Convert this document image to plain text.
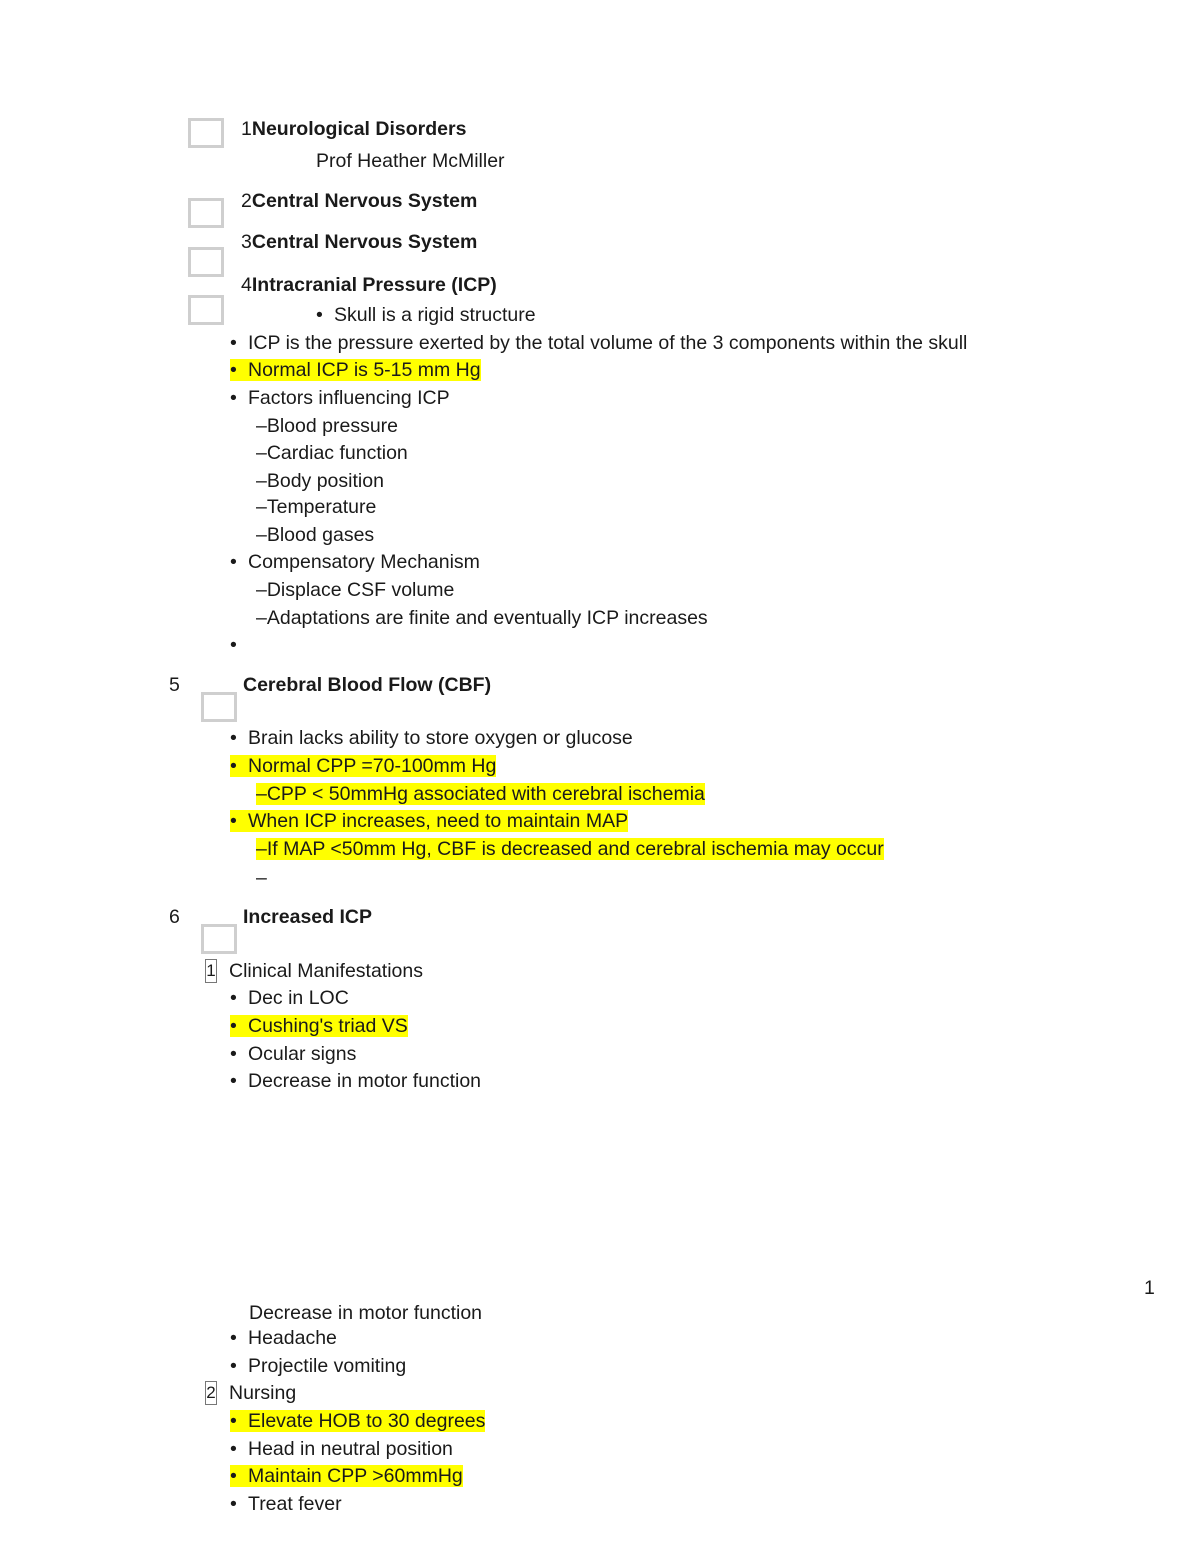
1Neurological Disorders
Prof Heather McMiller
2Central Nervous System
3Central Nervous System
4Intracranial Pressure (ICP)
• Skull is a rigid structure
• ICP is the pressure exerted by the total volume of the 3 components within the skull
• Normal ICP is 5-15 mm Hg
• Factors influencing ICP
–Blood pressure
–Cardiac function
–Body position
–Temperature
–Blood gases
• Compensatory Mechanism
–Displace CSF volume
–Adaptations are finite and eventually ICP increases
•
5	Cerebral Blood Flow (CBF)
• Brain lacks ability to store oxygen or glucose
• Normal CPP =70-100mm Hg
–CPP < 50mmHg associated with cerebral ischemia
• When ICP increases, need to maintain MAP
–If MAP <50mm Hg, CBF is decreased and cerebral ischemia may occur
–
6	Increased ICP
1 Clinical Manifestations
• Dec in LOC
• Cushing's triad VS
• Ocular signs
• Decrease in motor function
1
Decrease in motor function
• Headache
• Projectile vomiting
2 Nursing
• Elevate HOB to 30 degrees
• Head in neutral position
• Maintain CPP >60mmHg
• Treat fever
